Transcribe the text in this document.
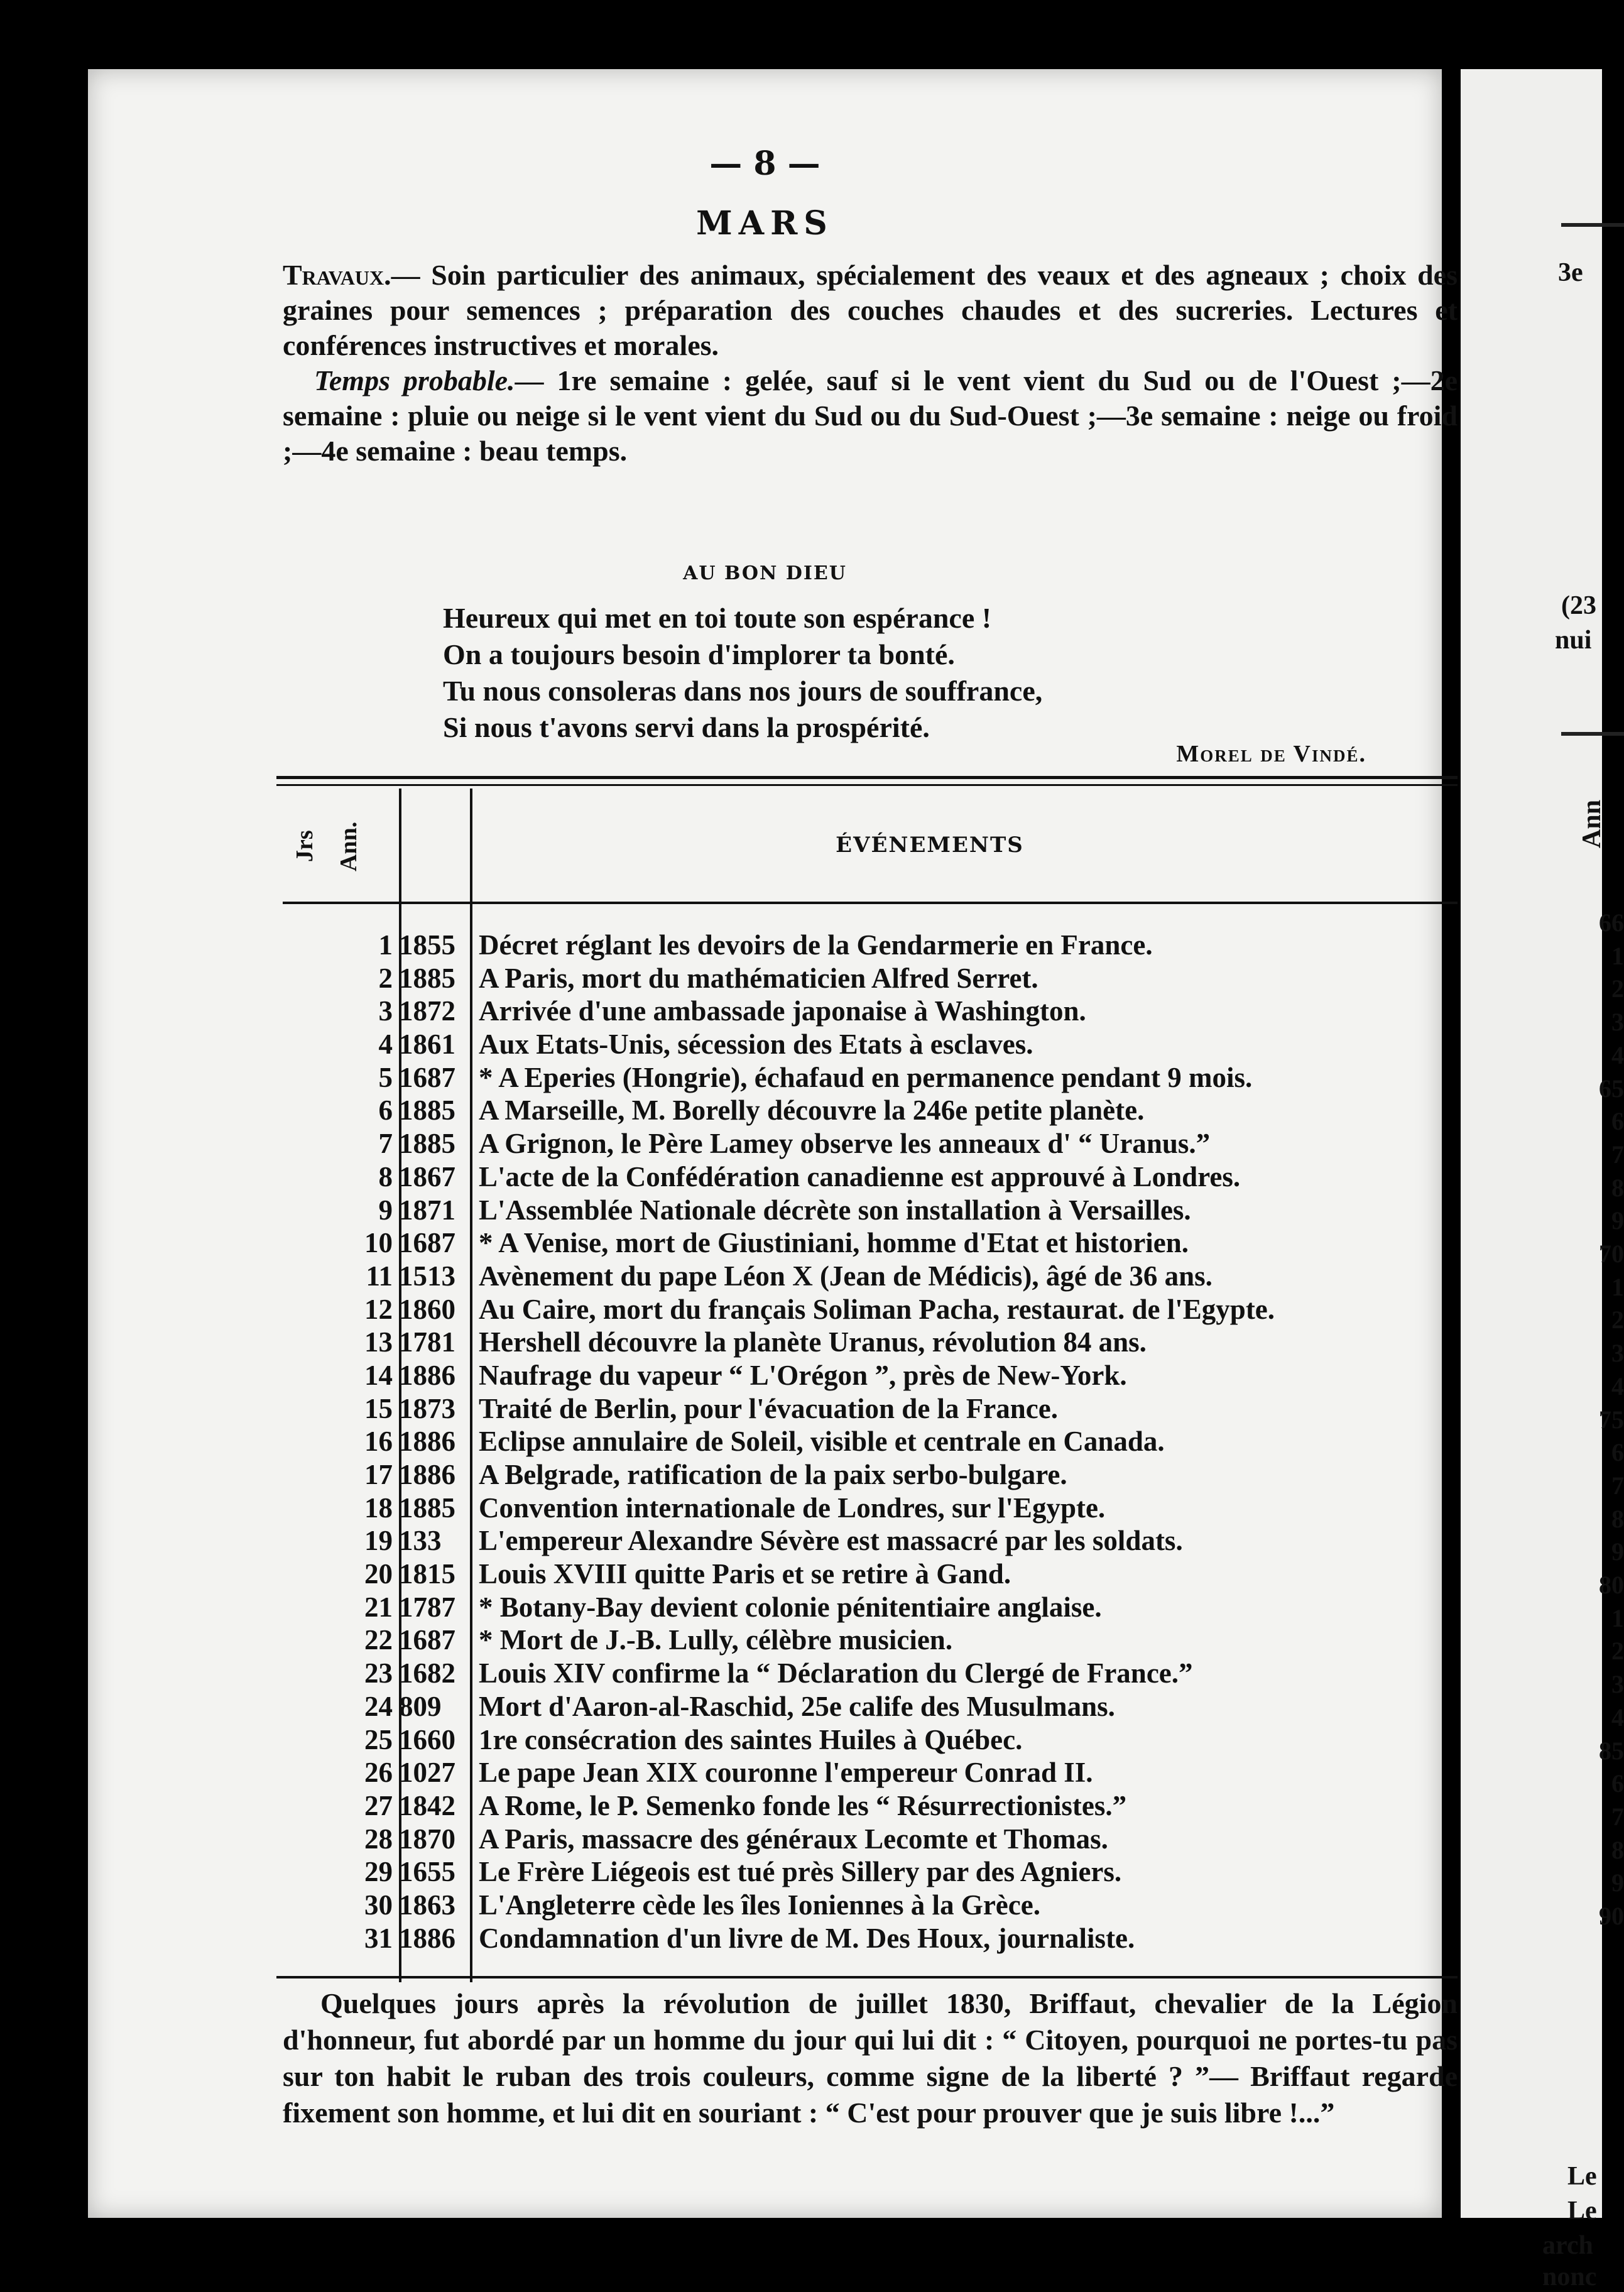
— 8 —
MARS
Travaux.— Soin particulier des animaux, spécialement des veaux et des agneaux ; choix des graines pour semences ; préparation des couches chaudes et des sucreries. Lectures et conférences instructives et morales.
Temps probable.— 1re semaine : gelée, sauf si le vent vient du Sud ou de l'Ouest ;—2e semaine : pluie ou neige si le vent vient du Sud ou du Sud-Ouest ;—3e semaine : neige ou froid ;—4e semaine : beau temps.
AU BON DIEU
Heureux qui met en toi toute son espérance !
On a toujours besoin d'implorer ta bonté.
Tu nous consoleras dans nos jours de souffrance,
Si nous t'avons servi dans la prospérité.
Morel de Vindé.
Jrs Ann.	ÉVÉNEMENTS
1 1855 Décret réglant les devoirs de la Gendarmerie en France.
2 1885 A Paris, mort du mathématicien Alfred Serret.
3 1872 Arrivée d'une ambassade japonaise à Washington.
4 1861 Aux Etats-Unis, sécession des Etats à esclaves.
5 1687 * A Eperies (Hongrie), échafaud en permanence pendant 9 mois.
6 1885 A Marseille, M. Borelly découvre la 246e petite planète.
7 1885 A Grignon, le Père Lamey observe les anneaux d' “ Uranus.”
8 1867 L'acte de la Confédération canadienne est approuvé à Londres.
9 1871 L'Assemblée Nationale décrète son installation à Versailles.
10 1687 * A Venise, mort de Giustiniani, homme d'Etat et historien.
11 1513 Avènement du pape Léon X (Jean de Médicis), âgé de 36 ans.
12 1860 Au Caire, mort du français Soliman Pacha, restaurat. de l'Egypte.
13 1781 Hershell découvre la planète Uranus, révolution 84 ans.
14 1886 Naufrage du vapeur “ L'Orégon ”, près de New-York.
15 1873 Traité de Berlin, pour l'évacuation de la France.
16 1886 Eclipse annulaire de Soleil, visible et centrale en Canada.
17 1886 A Belgrade, ratification de la paix serbo-bulgare.
18 1885 Convention internationale de Londres, sur l'Egypte.
19 133	L'empereur Alexandre Sévère est massacré par les soldats.
20 1815 Louis XVIII quitte Paris et se retire à Gand.
21 1787 * Botany-Bay devient colonie pénitentiaire anglaise.
22 1687 * Mort de J.-B. Lully, célèbre musicien.
23 1682 Louis XIV confirme la “ Déclaration du Clergé de France.”
24 809	Mort d'Aaron-al-Raschid, 25e calife des Musulmans.
25 1660 1re consécration des saintes Huiles à Québec.
26 1027 Le pape Jean XIX couronne l'empereur Conrad II.
27 1842 A Rome, le P. Semenko fonde les “ Résurrectionistes.”
28 1870 A Paris, massacre des généraux Lecomte et Thomas.
29 1655 Le Frère Liégeois est tué près Sillery par des Agniers.
30 1863 L'Angleterre cède les îles Ioniennes à la Grèce.
31 1886 Condamnation d'un livre de M. Des Houx, journaliste.
Quelques jours après la révolution de juillet 1830, Briffaut, chevalier de la Légion d'honneur, fut abordé par un homme du jour qui lui dit : “ Citoyen, pourquoi ne portes-tu pas sur ton habit le ruban des trois couleurs, comme signe de la liberté ? ”— Briffaut regarde fixement son homme, et lui dit en souriant : “ C'est pour prouver que je suis libre !...”
3e
(23
nui
Ann
Le
Le
arch
nonc
66
1
2
3
4
65
6
7
8
9
70
1
2
3
4
75
6
7
8
9
80
1
2
3
4
85
6
7
8
9
90
